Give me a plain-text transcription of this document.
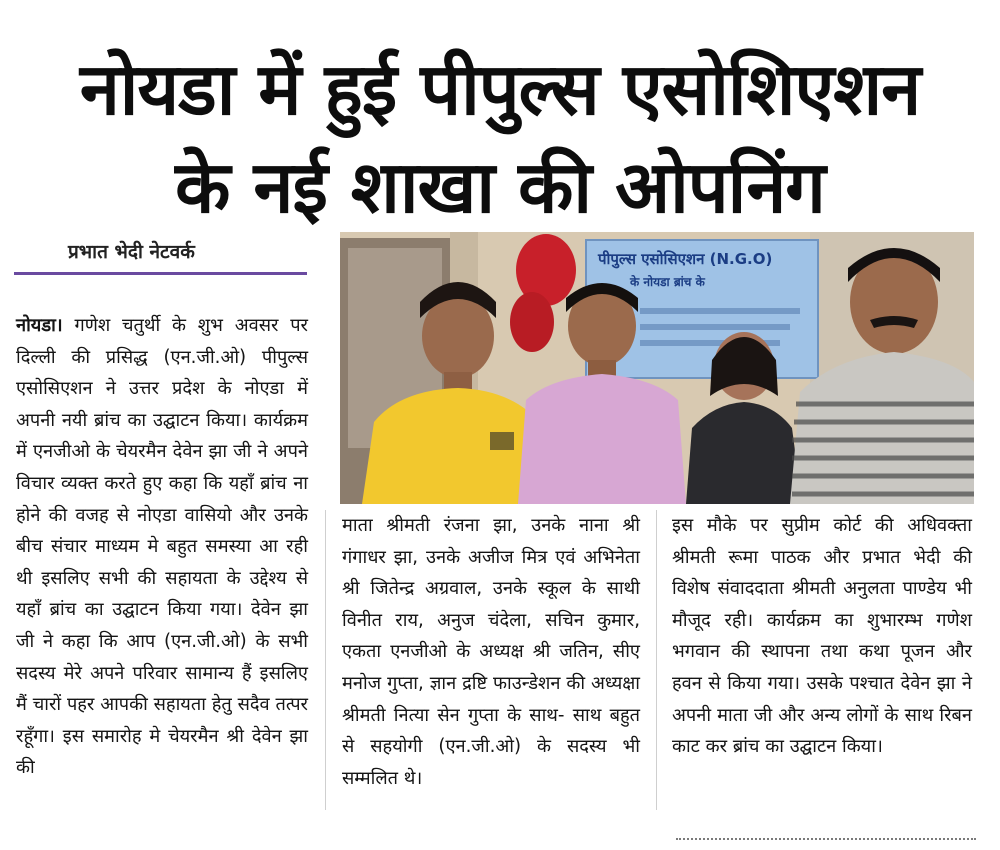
नोयडा में हुई पीपुल्स एसोशिएशन
के नई शाखा की ओपनिंग
प्रभात भेदी नेटवर्क	पीपुल्स एसोसिएशन (N.G.O)
के नोयडा ब्रांच के
नोयडा। गणेश चतुर्थी के शुभ अवसर पर दिल्ली की प्रसिद्ध (एन.जी.ओ) पीपुल्स एसोसिएशन ने उत्तर प्रदेश के नोएडा में अपनी नयी ब्रांच का उद्घाटन किया। कार्यक्रम में एनजीओ के चेयरमैन देवेन झा जी ने अपने विचार व्यक्त करते हुए कहा कि यहाँ ब्रांच ना होने की वजह से नोएडा वासियो और उनके बीच संचार माध्यम मे बहुत समस्या आ रही थी इसलिए सभी की सहायता के उद्देश्य से यहाँ ब्रांच का उद्घाटन किया गया। देवेन झा जी ने कहा कि आप (एन.जी.ओ) के सभी सदस्य मेरे अपने परिवार सामान्य हैं इसलिए मैं चारों पहर आपकी सहायता हेतु सदैव तत्पर रहूँगा। इस समारोह मे चेयरमैन श्री देवेन झा की
माता श्रीमती रंजना झा, उनके नाना श्री गंगाधर झा, उनके अजीज मित्र एवं अभिनेता श्री जितेन्द्र अग्रवाल, उनके स्कूल के साथी विनीत राय, अनुज चंदेला, सचिन कुमार, एकता एनजीओ के अध्यक्ष श्री जतिन, सीए मनोज गुप्ता, ज्ञान द्रष्टि फाउन्डेशन की अध्यक्षा श्रीमती नित्या सेन गुप्ता के साथ- साथ बहुत से सहयोगी (एन.जी.ओ) के सदस्य भी सम्मलित थे।
इस मौके पर सुप्रीम कोर्ट की अधिवक्ता श्रीमती रूमा पाठक और प्रभात भेदी की विशेष संवाददाता श्रीमती अनुलता पाण्डेय भी मौजूद रही। कार्यक्रम का शुभारम्भ गणेश भगवान की स्थापना तथा कथा पूजन और हवन से किया गया। उसके पश्चात देवेन झा ने अपनी माता जी और अन्य लोगों के साथ रिबन काट कर ब्रांच का उद्घाटन किया।
